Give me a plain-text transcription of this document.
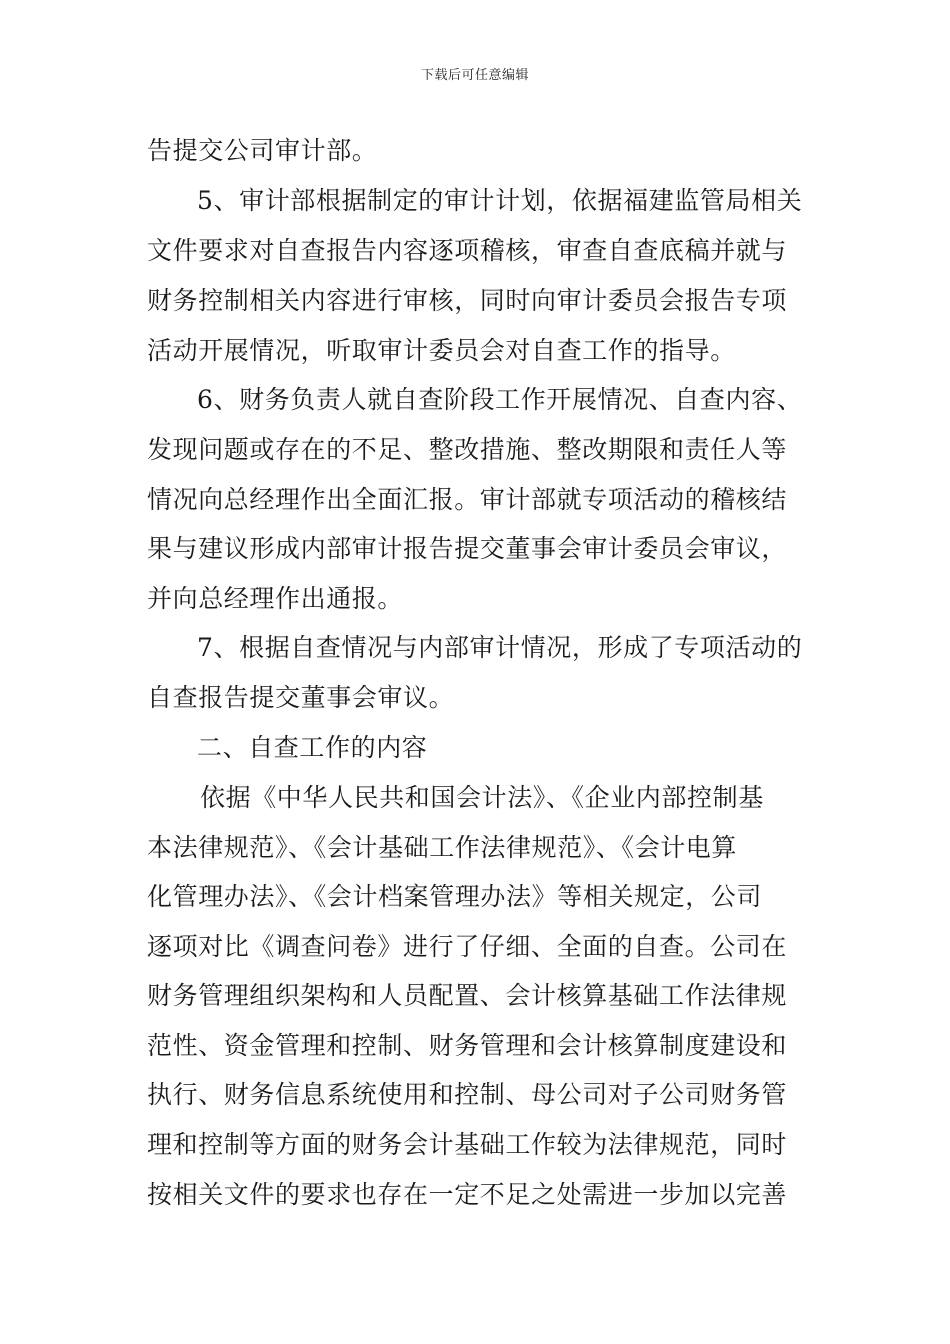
下载后可任意编辑
告提交公司审计部。
5、审计部根据制定的审计计划，依据福建监管局相关
文件要求对自查报告内容逐项稽核，审查自查底稿并就与
财务控制相关内容进行审核，同时向审计委员会报告专项
活动开展情况，听取审计委员会对自查工作的指导。
6、财务负责人就自查阶段工作开展情况、自查内容、
发现问题或存在的不足、整改措施、整改期限和责任人等
情况向总经理作出全面汇报。审计部就专项活动的稽核结
果与建议形成内部审计报告提交董事会审计委员会审议，
并向总经理作出通报。
7、根据自查情况与内部审计情况，形成了专项活动的
自查报告提交董事会审议。
二、自查工作的内容
依据《中华人民共和国会计法》、《企业内部控制基
本法律规范》、《会计基础工作法律规范》、《会计电算
化管理办法》、《会计档案管理办法》等相关规定，公司
逐项对比《调查问卷》进行了仔细、全面的自查。公司在
财务管理组织架构和人员配置、会计核算基础工作法律规
范性、资金管理和控制、财务管理和会计核算制度建设和
执行、财务信息系统使用和控制、母公司对子公司财务管
理和控制等方面的财务会计基础工作较为法律规范，同时
按相关文件的要求也存在一定不足之处需进一步加以完善
